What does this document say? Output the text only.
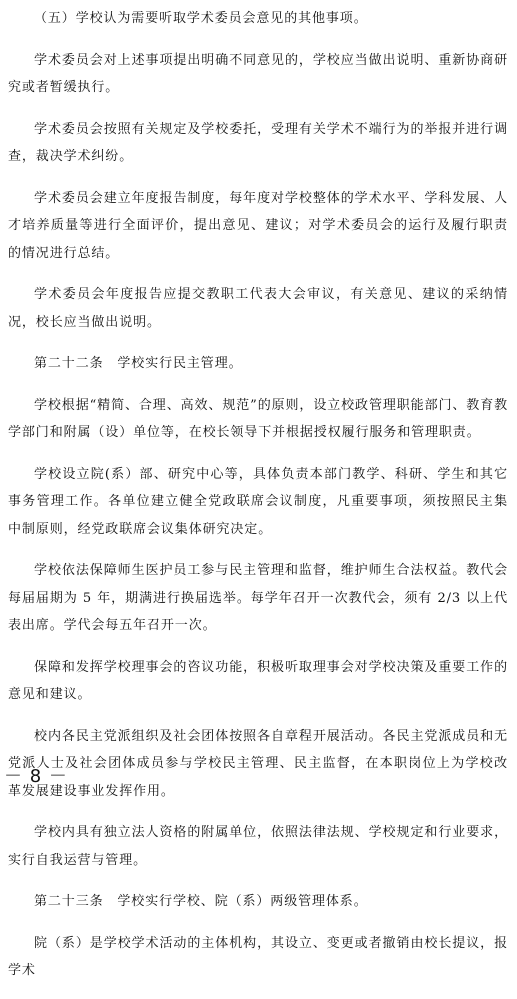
（五）学校认为需要听取学术委员会意见的其他事项。

学术委员会对上述事项提出明确不同意见的，学校应当做出说明、重新协商研究或者暂缓执行。

学术委员会按照有关规定及学校委托，受理有关学术不端行为的举报并进行调查，裁决学术纠纷。

学术委员会建立年度报告制度，每年度对学校整体的学术水平、学科发展、人才培养质量等进行全面评价，提出意见、建议；对学术委员会的运行及履行职责的情况进行总结。

学术委员会年度报告应提交教职工代表大会审议，有关意见、建议的采纳情况，校长应当做出说明。

第二十二条　学校实行民主管理。

学校根据“精简、合理、高效、规范”的原则，设立校政管理职能部门、教育教学部门和附属（设）单位等，在校长领导下并根据授权履行服务和管理职责。

学校设立院(系）部、研究中心等，具体负责本部门教学、科研、学生和其它事务管理工作。各单位建立健全党政联席会议制度，凡重要事项，须按照民主集中制原则，经党政联席会议集体研究决定。

学校依法保障师生医护员工参与民主管理和监督，维护师生合法权益。教代会每届届期为 5 年，期满进行换届选举。每学年召开一次教代会，须有 2/3 以上代表出席。学代会每五年召开一次。

保障和发挥学校理事会的咨议功能，积极听取理事会对学校决策及重要工作的意见和建议。

校内各民主党派组织及社会团体按照各自章程开展活动。各民主党派成员和无党派人士及社会团体成员参与学校民主管理、民主监督，在本职岗位上为学校改革发展建设事业发挥作用。

学校内具有独立法人资格的附属单位，依照法律法规、学校规定和行业要求，实行自我运营与管理。

第二十三条　学校实行学校、院（系）两级管理体系。

院（系）是学校学术活动的主体机构，其设立、变更或者撤销由校长提议，报学术

－ 8 －
